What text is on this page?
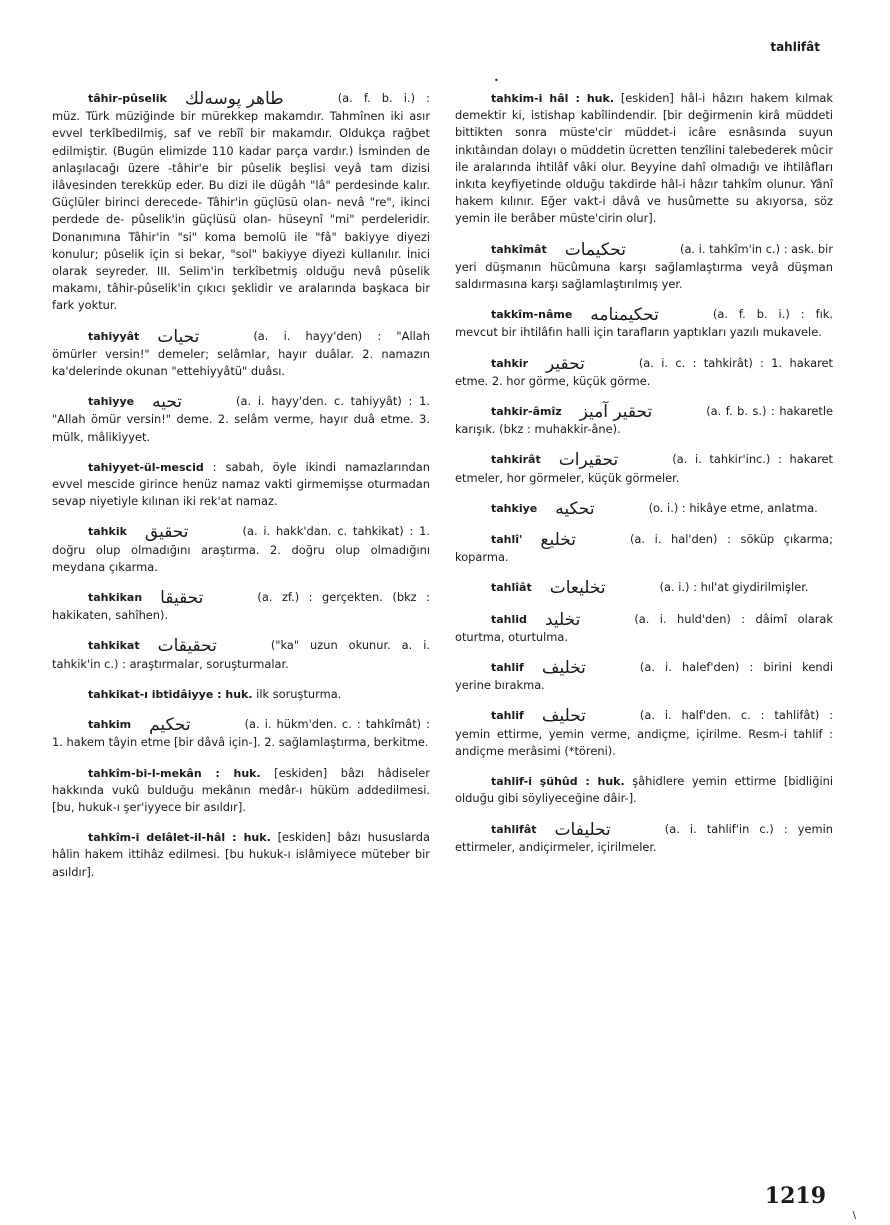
tahlifât
•

tâhir-pûselik طاهر پوسه‌لك	(a. f. b. i.) : müz. Türk müziğinde bir mürekkep makamdır. Tahmînen iki asır evvel terkîbedilmiş, saf ve rebîî bir makamdır. Oldukça rağbet edilmiştir. (Bugün elimizde 110 kadar parça vardır.) İsminden de anlaşılacağı üzere -tâhir'e bir pûselik beşlisi veyâ tam dizisi ilâvesinden terekküp eder. Bu dizi ile dügâh "lâ" perdesinde kalır. Güçlüler birinci derecede- Tâhir'in güçlüsü olan- nevâ "re", ikinci perdede de- pûselik'in güçlüsü olan- hüseynî "mi" perdeleridir. Donanımına Tâhir'in "si" koma bemolü ile "fâ" bakiyye diyezi konulur; pûselik için si bekar, "sol" bakiyye diyezi kullanılır. İnici olarak seyreder. III. Selim'in terkîbetmiş olduğu nevâ pûselik makamı, tâhir-pûselik'in çıkıcı şeklidir ve aralarında başkaca bir fark yoktur.

tahiyyât تحيات	(a. i. hayy'den) : "Allah ömürler versin!" demeler; selâmlar, hayır duâlar. 2. namazın ka'delerinde okunan "ettehiyyâtü" duâsı.

tahiyye تحيه	(a. i. hayy'den. c. tahiyyât) : 1. "Allah ömür versin!" deme. 2. selâm verme, hayır duâ etme. 3. mülk, mâlikiyyet.

tahiyyet-ül-mescid : sabah, öyle ikindi namazlarından evvel mescide girince henüz namaz vakti girmemişse oturmadan sevap niyetiyle kılınan iki rek'at namaz.

tahkik تحقيق	(a. i. hakk'dan. c. tahkikat) : 1. doğru olup olmadığını araştırma. 2. doğru olup olmadığını meydana çıkarma.

tahkikan تحقيقا	(a. zf.) : gerçekten. (bkz : hakikaten, sahîhen).

tahkikat تحقيقات	("ka" uzun okunur. a. i. tahkik'in c.) : araştırmalar, soruşturmalar.

tahkikat-ı ibtidâiyye : huk. ilk soruşturma.

tahkim تحكيم	(a. i. hükm'den. c. : tahkîmât) : 1. hakem tâyin etme [bir dâvâ için-]. 2. sağlamlaştırma, berkitme.

tahkîm-bi-l-mekân : huk. [eskiden] bâzı hâdiseler hakkında vukû bulduğu mekânın medâr-ı hüküm addedilmesi. [bu, hukuk-ı şer'iyyece bir asıldır].

tahkîm-i delâlet-il-hâl : huk. [eskiden] bâzı hususlarda hâlin hakem ittihâz edilmesi. [bu hukuk-ı islâmiyece müteber bir asıldır].

tahkim-i hâl : huk. [eskiden] hâl-i hâzırı hakem kılmak demektir ki, istishap kabîlindendir. [bir değirmenin kirâ müddeti bittikten sonra müste'cir müddet-i icâre esnâsında suyun inkıtâından dolayı o müddetin ücretten tenzîlini talebederek mûcir ile aralarında ihtilâf vâki olur. Beyyine dahî olmadığı ve ihtilâfları inkıta keyfiyetinde olduğu takdirde hâl-i hâzır tahkîm olunur. Yânî hakem kılınır. Eğer vakt-i dâvâ ve husûmette su akıyorsa, söz yemin ile berâber müste'cirin olur].

tahkîmât تحكيمات	(a. i. tahkîm'in c.) : ask. bir yeri düşmanın hücûmuna karşı sağlamlaştırma veyâ düşman saldırmasına karşı sağlamlaştırılmış yer.

takkîm-nâme تحكيمنامه	(a. f. b. i.) : fık. mevcut bir ihtilâfın halli için tarafların yaptıkları yazılı mukavele.

tahkir تحقير	(a. i. c. : tahkirât) : 1. hakaret etme. 2. hor görme, küçük görme.

tahkir-âmîz تحقير آميز	(a. f. b. s.) : hakaretle karışık. (bkz : muhakkir-âne).

tahkirât تحقيرات	(a. i. tahkir'inc.) : hakaret etmeler, hor görmeler, küçük görmeler.

tahkiye تحكيه	(o. i.) : hikâye etme, anlatma.

tahlî' تخليع	(a. i. hal'den) : söküp çıkarma; koparma.

tahlîât تخليعات	(a. i.) : hıl'at giydirilmişler.

tahlid تخليد	(a. i. huld'den) : dâimî olarak oturtma, oturtulma.

tahlif تخليف	(a. i. halef'den) : birini kendi yerine bırakma.

tahlif تحليف	(a. i. half'den. c. : tahlifât) : yemin ettirme, yemin verme, andiçme, içirilme. Resm-i tahlif : andiçme merâsimi (*töreni).

tahlif-i şühûd : huk. şâhidlere yemin ettirme [bidliğini olduğu gibi söyliyeceğine dâir-].

tahlifât تحليفات	(a. i. tahlif'in c.) : yemin ettirmeler, andiçirmeler, içirilmeler.

1219
\
